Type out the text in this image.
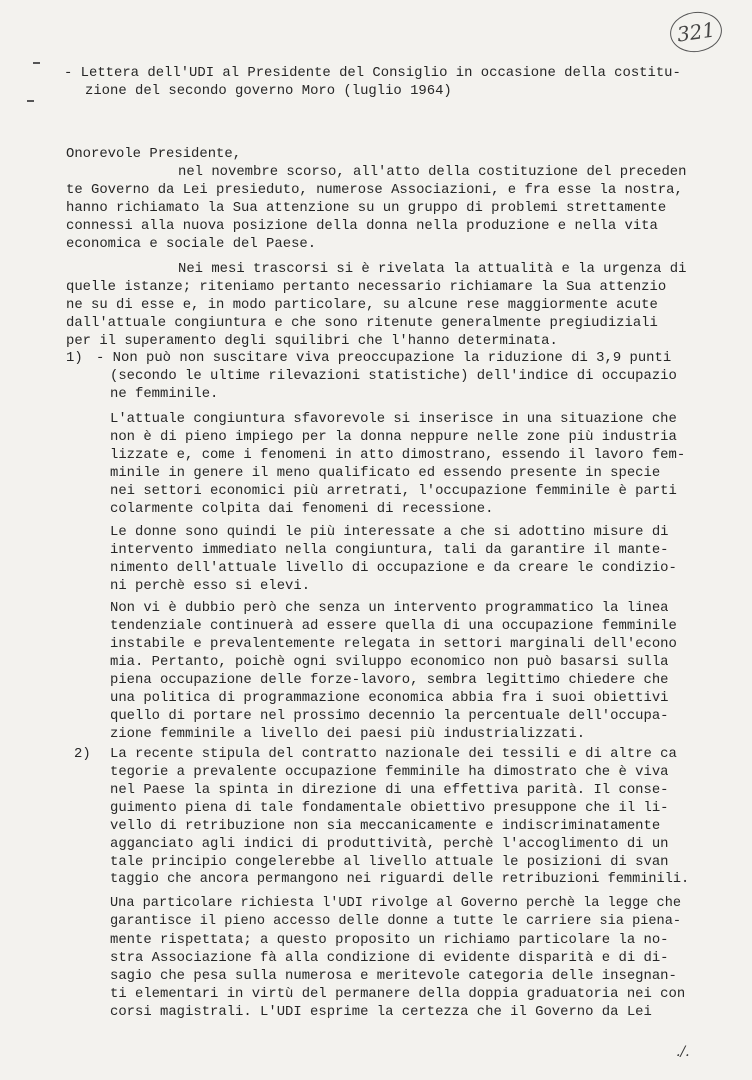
321
- Lettera dell'UDI al Presidente del Consiglio in occasione della costitu-
zione del secondo governo Moro (luglio 1964)
Onorevole Presidente,
nel novembre scorso, all'atto della costituzione del preceden
te Governo da Lei presieduto, numerose Associazioni, e fra esse la nostra,
hanno richiamato la Sua attenzione su un gruppo di problemi strettamente
connessi alla nuova posizione della donna nella produzione e nella vita
economica e sociale del Paese.
Nei mesi trascorsi si è rivelata la attualità e la urgenza di
quelle istanze; riteniamo pertanto necessario richiamare la Sua attenzio
ne su di esse e, in modo particolare, su alcune rese maggiormente acute
dall'attuale congiuntura e che sono ritenute generalmente pregiudiziali
per il superamento degli squilibri che l'hanno determinata.
1) - Non può non suscitare viva preoccupazione la riduzione di 3,9 punti
(secondo le ultime rilevazioni statistiche) dell'indice di occupazio
ne femminile.
L'attuale congiuntura sfavorevole si inserisce in una situazione che
non è di pieno impiego per la donna neppure nelle zone più industria
lizzate e, come i fenomeni in atto dimostrano, essendo il lavoro fem-
minile in genere il meno qualificato ed essendo presente in specie
nei settori economici più arretrati, l'occupazione femminile è parti
colarmente colpita dai fenomeni di recessione.
Le donne sono quindi le più interessate a che si adottino misure di
intervento immediato nella congiuntura, tali da garantire il mante-
nimento dell'attuale livello di occupazione e da creare le condizio-
ni perchè esso si elevi.
Non vi è dubbio però che senza un intervento programmatico la linea
tendenziale continuerà ad essere quella di una occupazione femminile
instabile e prevalentemente relegata in settori marginali dell'econo
mia. Pertanto, poichè ogni sviluppo economico non può basarsi sulla
piena occupazione delle forze-lavoro, sembra legittimo chiedere che
una politica di programmazione economica abbia fra i suoi obiettivi
quello di portare nel prossimo decennio la percentuale dell'occupa-
zione femminile a livello dei paesi più industrializzati.
2) La recente stipula del contratto nazionale dei tessili e di altre ca
tegorie a prevalente occupazione femminile ha dimostrato che è viva
nel Paese la spinta in direzione di una effettiva parità. Il conse-
guimento piena di tale fondamentale obiettivo presuppone che il li-
vello di retribuzione non sia meccanicamente e indiscriminatamente
agganciato agli indici di produttività, perchè l'accoglimento di un
tale principio congelerebbe al livello attuale le posizioni di svan
taggio che ancora permangono nei riguardi delle retribuzioni femminili.
Una particolare richiesta l'UDI rivolge al Governo perchè la legge che
garantisce il pieno accesso delle donne a tutte le carriere sia piena-
mente rispettata; a questo proposito un richiamo particolare la no-
stra Associazione fà alla condizione di evidente disparità e di di-
sagio che pesa sulla numerosa e meritevole categoria delle insegnan-
ti elementari in virtù del permanere della doppia graduatoria nei con
corsi magistrali. L'UDI esprime la certezza che il Governo da Lei
./.
